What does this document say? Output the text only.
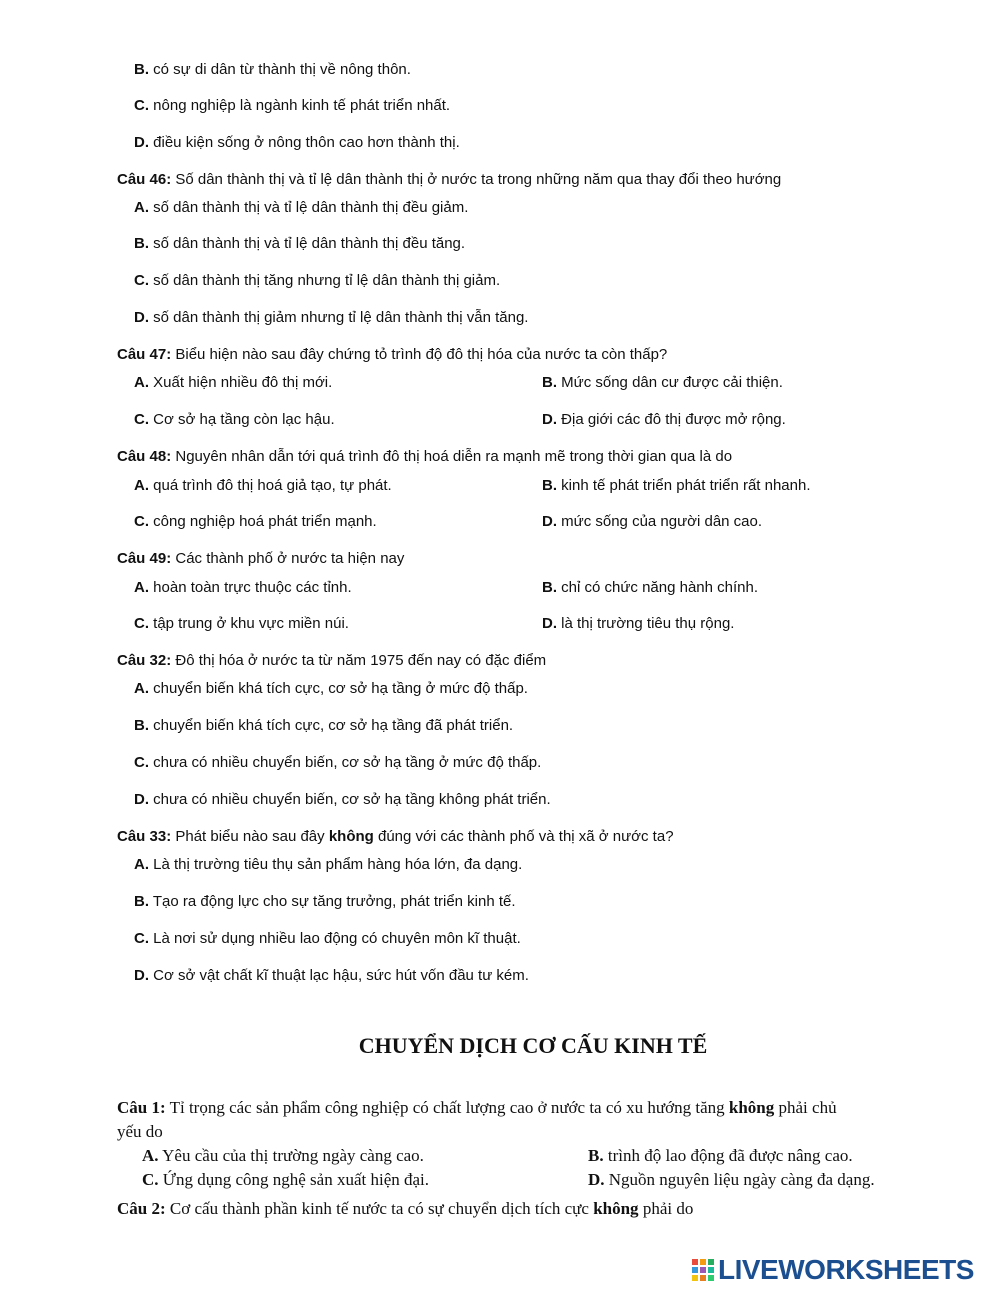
B. có sự di dân từ thành thị về nông thôn.
C. nông nghiệp là ngành kinh tế phát triển nhất.
D. điều kiện sống ở nông thôn cao hơn thành thị.
Câu 46: Số dân thành thị và tỉ lệ dân thành thị ở nước ta trong những năm qua thay đổi theo hướng
A. số dân thành thị và tỉ lệ dân thành thị đều giảm.
B. số dân thành thị và tỉ lệ dân thành thị đều tăng.
C. số dân thành thị tăng nhưng tỉ lệ dân thành thị giảm.
D. số dân thành thị giảm nhưng tỉ lệ dân thành thị vẫn tăng.
Câu 47: Biểu hiện nào sau đây chứng tỏ trình độ đô thị hóa của nước ta còn thấp?
A. Xuất hiện nhiều đô thị mới.	B. Mức sống dân cư được cải thiện.
C. Cơ sở hạ tầng còn lạc hậu.	D. Địa giới các đô thị được mở rộng.
Câu 48: Nguyên nhân dẫn tới quá trình đô thị hoá diễn ra mạnh mẽ trong thời gian qua là do
A. quá trình đô thị hoá giả tạo, tự phát.	B. kinh tế phát triển phát triển rất nhanh.
C. công nghiệp hoá phát triển mạnh.	D. mức sống của người dân cao.
Câu 49: Các thành phố ở nước ta hiện nay
A. hoàn toàn trực thuộc các tỉnh.	B. chỉ có chức năng hành chính.
C. tập trung ở khu vực miền núi.	D. là thị trường tiêu thụ rộng.
Câu 32: Đô thị hóa ở nước ta từ năm 1975 đến nay có đặc điểm
A. chuyển biến khá tích cực, cơ sở hạ tầng ở mức độ thấp.
B. chuyển biến khá tích cực, cơ sở hạ tầng đã phát triển.
C. chưa có nhiều chuyển biến, cơ sở hạ tầng ở mức độ thấp.
D. chưa có nhiều chuyển biến, cơ sở hạ tầng không phát triển.
Câu 33: Phát biểu nào sau đây không đúng với các thành phố và thị xã ở nước ta?
A. Là thị trường tiêu thụ sản phẩm hàng hóa lớn, đa dạng.
B. Tạo ra động lực cho sự tăng trưởng, phát triển kinh tế.
C. Là nơi sử dụng nhiều lao động có chuyên môn kĩ thuật.
D. Cơ sở vật chất kĩ thuật lạc hậu, sức hút vốn đầu tư kém.
CHUYỂN DỊCH CƠ CẤU KINH TẾ
Câu 1: Tỉ trọng các sản phẩm công nghiệp có chất lượng cao ở nước ta có xu hướng tăng không phải chủ
yếu do
A. Yêu cầu của thị trường ngày càng cao.	B. trình độ lao động đã được nâng cao.
C. Ứng dụng công nghệ sản xuất hiện đại.	D. Nguồn nguyên liệu ngày càng đa dạng.
Câu 2: Cơ cấu thành phần kinh tế nước ta có sự chuyển dịch tích cực không phải do
LIVEWORKSHEETS
